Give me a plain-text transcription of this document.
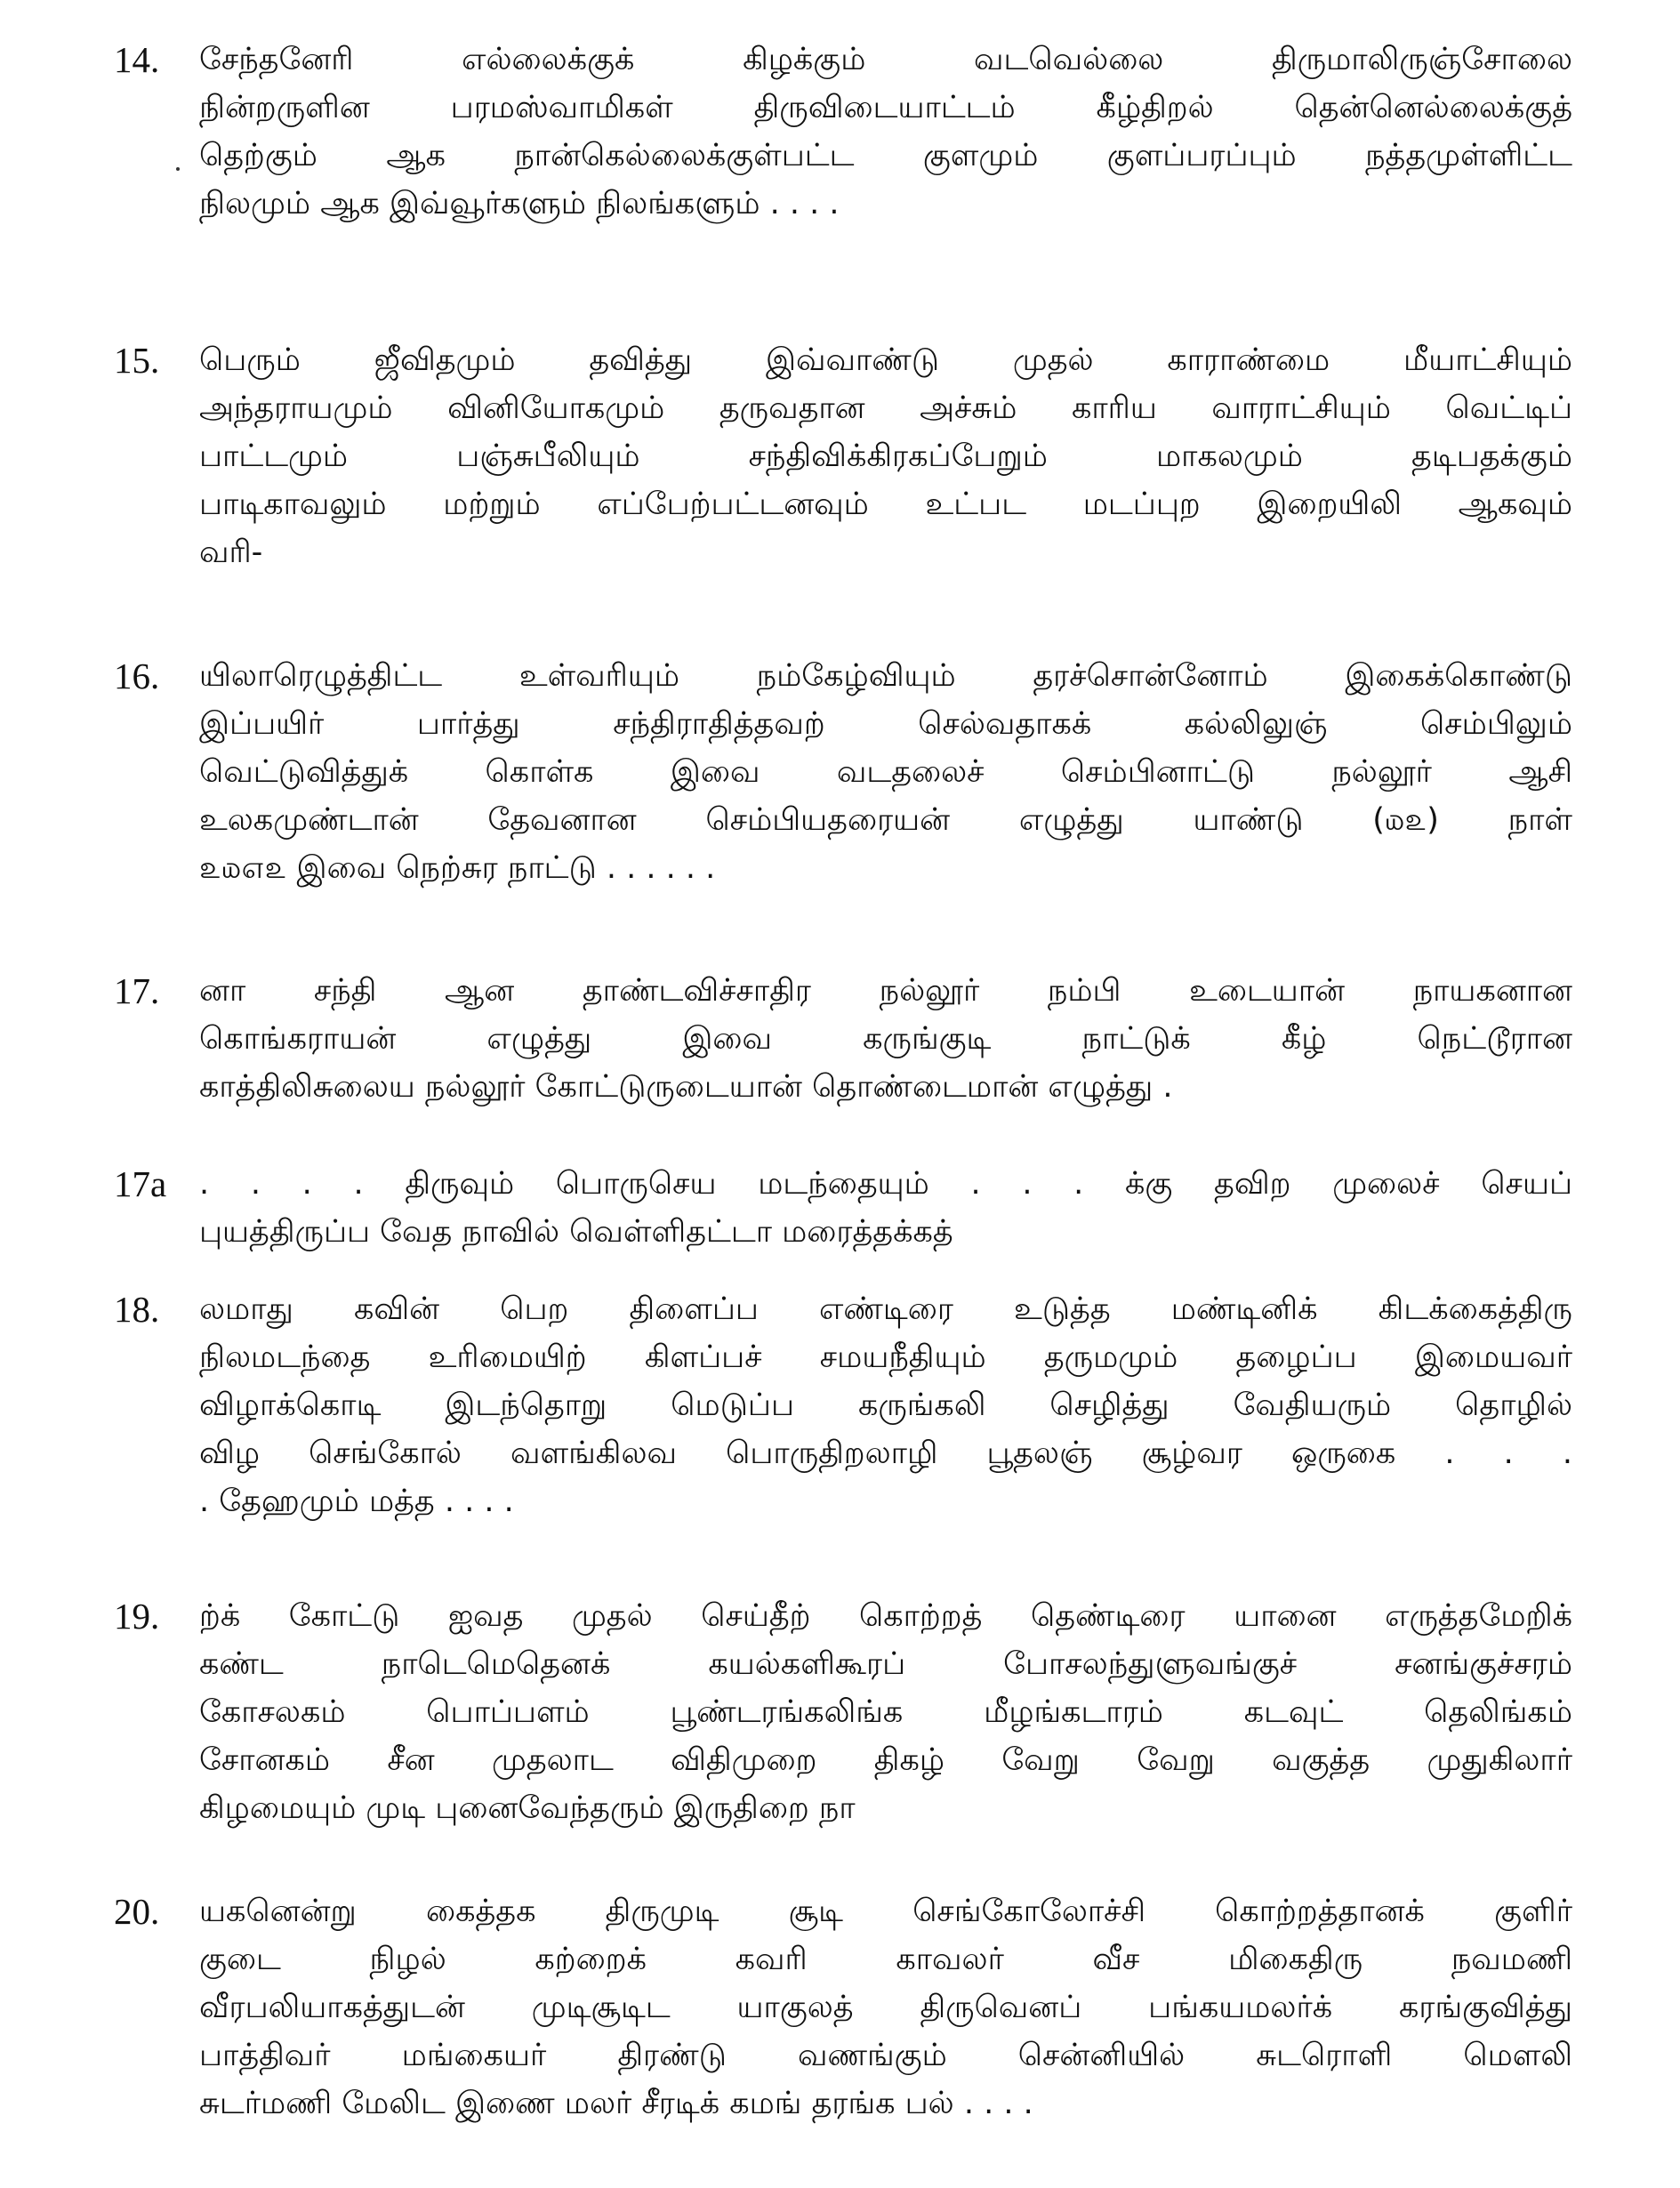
14.	சேந்தனேரி எல்லைக்குக் கிழக்கும் வடவெல்லை திருமாலிருஞ்சோலை
நின்றருளின பரமஸ்வாமிகள் திருவிடையாட்டம் கீழ்திறல் தென்னெல்லைக்குத்
தெற்கும் ஆக நான்கெல்லைக்குள்பட்ட குளமும் குளப்பரப்பும் நத்தமுள்ளிட்ட
நிலமும் ஆக இவ்வூர்களும் நிலங்களும் . . . .
15.	பெரும் ஜீவிதமும் தவித்து இவ்வாண்டு முதல் காராண்மை மீயாட்சியும்
அந்தராயமும் வினியோகமும் தருவதான அச்சும் காரிய வாராட்சியும் வெட்டிப்
பாட்டமும் பஞ்சுபீலியும் சந்திவிக்கிரகப்பேறும் மாகலமும் தடிபதக்கும்
பாடிகாவலும் மற்றும் எப்பேற்பட்டனவும் உட்பட மடப்புற இறையிலி ஆகவும்
வரி-
16.	யிலாரெழுத்திட்ட உள்வரியும் நம்கேழ்வியும் தரச்சொன்னோம் இகைக்கொண்டு
இப்பயிர் பார்த்து சந்திராதித்தவற் செல்வதாகக் கல்லிலுஞ் செம்பிலும்
வெட்டுவித்துக் கொள்க இவை வடதலைச் செம்பினாட்டு நல்லூர் ஆசி
உலகமுண்டான் தேவனான செம்பியதரையன் எழுத்து யாண்டு (௰௨) நாள்
௨௰௭௨ இவை நெற்சுர நாட்டு . . . . . .
17.	னா சந்தி ஆன தாண்டவிச்சாதிர நல்லூர் நம்பி உடையான் நாயகனான
கொங்கராயன் எழுத்து இவை கருங்குடி நாட்டுக் கீழ் நெட்டூரான
காத்திலிசுலைய நல்லூர் கோட்டுருடையான் தொண்டைமான் எழுத்து .
17a	. . . . திருவும் பொருசெய மடந்தையும் . . . க்கு தவிற முலைச் செயப்
புயத்திருப்ப வேத நாவில் வெள்ளிதட்டா மரைத்தக்கத்
18.	லமாது கவின் பெற திளைப்ப எண்டிரை உடுத்த மண்டினிக் கிடக்கைத்திரு
நிலமடந்தை உரிமையிற் கிளப்பச் சமயநீதியும் தருமமும் தழைப்ப இமையவர்
விழாக்கொடி இடந்தொறு மெடுப்ப கருங்கலி செழித்து வேதியரும் தொழில்
விழ செங்கோல் வளங்கிலவ பொருதிறலாழி பூதலஞ் சூழ்வர ஒருகை . . .
. தேஹமும் மத்த . . . .
19.	ற்க் கோட்டு ஐவத முதல் செய்தீற் கொற்றத் தெண்டிரை யானை எருத்தமேறிக்
கண்ட நாடெமெதெனக் கயல்களிகூரப் போசலந்துளுவங்குச் சனங்குச்சரம்
கோசலகம் பொப்பளம் பூண்டரங்கலிங்க மீழங்கடாரம் கடவுட் தெலிங்கம்
சோனகம் சீன முதலாட விதிமுறை திகழ் வேறு வேறு வகுத்த முதுகிலார்
கிழமையும் முடி புனைவேந்தரும் இருதிறை நா
20.	யகனென்று கைத்தக திருமுடி சூடி செங்கோலோச்சி கொற்றத்தானக் குளிர்
குடை நிழல் கற்றைக் கவரி காவலர் வீச மிகைதிரு நவமணி
வீரபலியாகத்துடன் முடிசூடிட யாகுலத் திருவெனப் பங்கயமலர்க் கரங்குவித்து
பாத்திவர் மங்கையர் திரண்டு வணங்கும் சென்னியில் சுடரொளி மௌலி
சுடர்மணி மேலிட இணை மலர் சீரடிக் கமங் தரங்க பல் . . . .
